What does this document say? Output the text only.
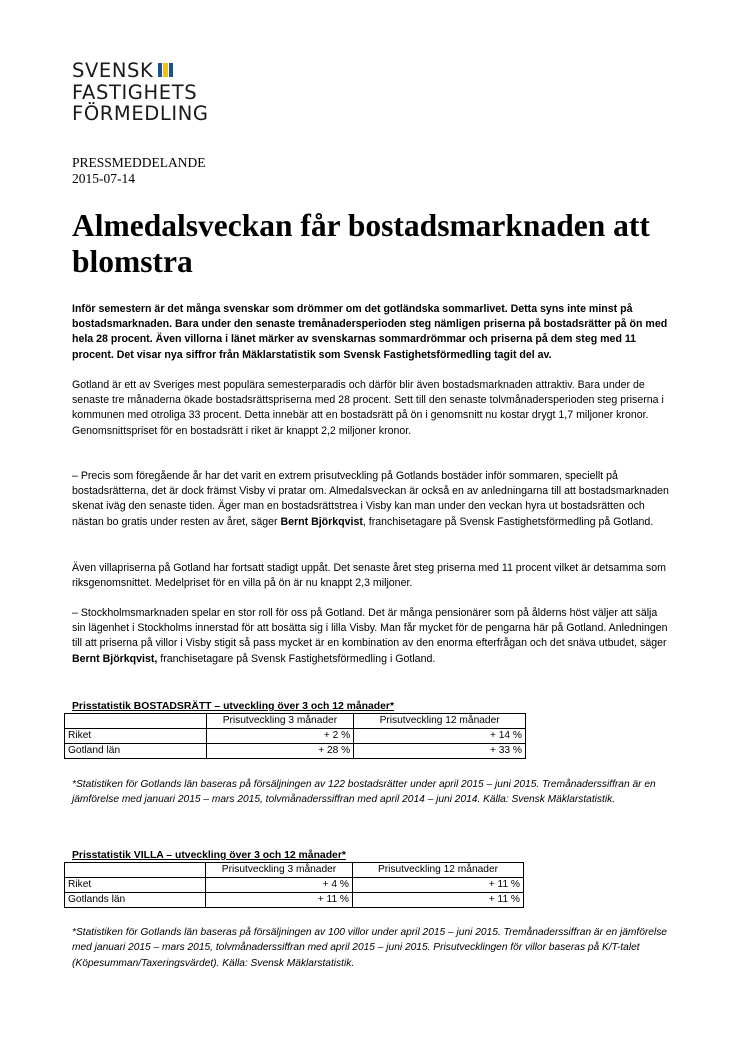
SVENSK
FASTIGHETS
FÖRMEDLING
PRESSMEDDELANDE
2015-07-14
Almedalsveckan får bostadsmarknaden att blomstra

Inför semestern är det många svenskar som drömmer om det gotländska sommarlivet. Detta syns inte minst på bostadsmarknaden. Bara under den senaste tremånadersperioden steg nämligen priserna på bostadsrätter på ön med hela 28 procent. Även villorna i länet märker av svenskarnas sommardrömmar och priserna på dem steg med 11 procent. Det visar nya siffror från Mäklarstatistik som Svensk Fastighetsförmedling tagit del av.

Gotland är ett av Sveriges mest populära semesterparadis och därför blir även bostadsmarknaden attraktiv. Bara under de senaste tre månaderna ökade bostadsrättspriserna med 28 procent. Sett till den senaste tolvmånadersperioden steg priserna i kommunen med otroliga 33 procent. Detta innebär att en bostadsrätt på ön i genomsnitt nu kostar drygt 1,7 miljoner kronor. Genomsnittspriset för en bostadsrätt i riket är knappt 2,2 miljoner kronor.

– Precis som föregående år har det varit en extrem prisutveckling på Gotlands bostäder inför sommaren, speciellt på bostadsrätterna, det är dock främst Visby vi pratar om. Almedalsveckan är också en av anledningarna till att bostadsmarknaden skenat iväg den senaste tiden. Äger man en bostadsrättstrea i Visby kan man under den veckan hyra ut bostadsrätten och nästan bo gratis under resten av året, säger Bernt Björkqvist, franchisetagare på Svensk Fastighetsförmedling på Gotland.

Även villapriserna på Gotland har fortsatt stadigt uppåt. Det senaste året steg priserna med 11 procent vilket är detsamma som riksgenomsnittet. Medelpriset för en villa på ön är nu knappt 2,3 miljoner.

– Stockholmsmarknaden spelar en stor roll för oss på Gotland. Det är många pensionärer som på ålderns höst väljer att sälja sin lägenhet i Stockholms innerstad för att bosätta sig i lilla Visby. Man får mycket för de pengarna här på Gotland. Anledningen till att priserna på villor i Visby stigit så pass mycket är en kombination av den enorma efterfrågan och det snäva utbudet, säger Bernt Björkqvist, franchisetagare på Svensk Fastighetsförmedling i Gotland.

Prisstatistik BOSTADSRÄTT – utveckling över 3 och 12 månader*
	Prisutveckling 3 månader	Prisutveckling 12 månader
Riket	+ 2 %	+ 14 %
Gotland län	+ 28 %	+ 33 %
*Statistiken för Gotlands län baseras på försäljningen av 122 bostadsrätter under april 2015 – juni 2015. Tremånaderssiffran är en jämförelse med januari 2015 – mars 2015, tolvmånaderssiffran med april 2014 – juni 2014. Källa: Svensk Mäklarstatistik.
Prisstatistik VILLA – utveckling över 3 och 12 månader*
	Prisutveckling 3 månader	Prisutveckling 12 månader
Riket	+ 4 %	+ 11 %
Gotlands län	+ 11 %	+ 11 %
*Statistiken för Gotlands län baseras på försäljningen av 100 villor under april 2015 – juni 2015. Tremånaderssiffran är en jämförelse med januari 2015 – mars 2015, tolvmånaderssiffran med april 2015 – juni 2015. Prisutvecklingen för villor baseras på K/T-talet (Köpesumman/Taxeringsvärdet). Källa: Svensk Mäklarstatistik.
